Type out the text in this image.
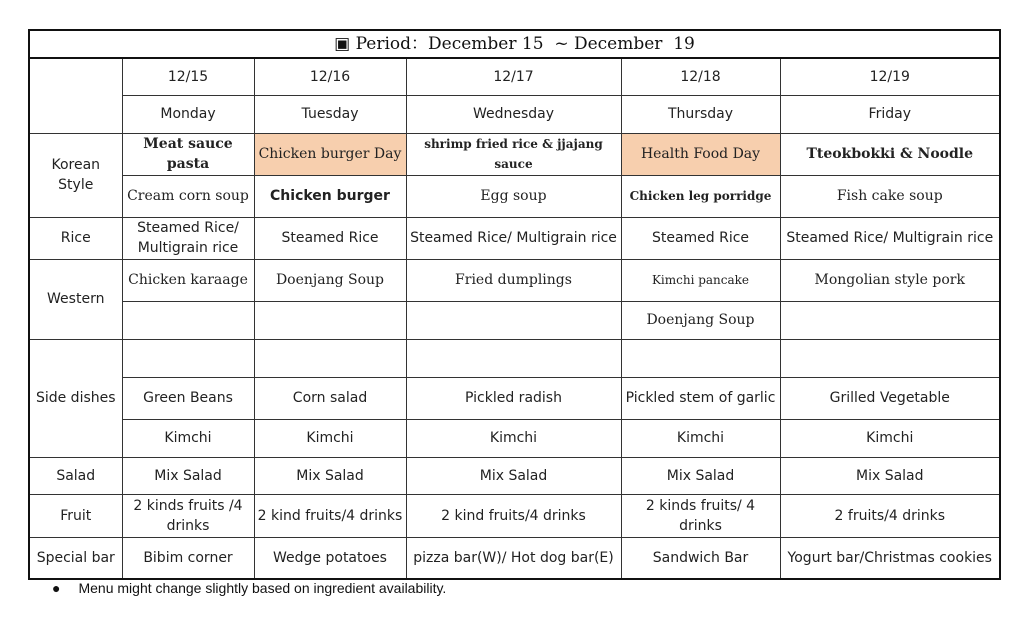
▣ Period：December 15  ~ December  19					
	12/15	12/16	12/17	12/18	12/19
	Monday	Tuesday	Wednesday	Thursday	Friday
Korean Style	Meat sauce pasta	Chicken burger Day	shrimp fried rice & jjajang sauce	Health Food Day	Tteokbokki & Noodle
	Cream corn soup	Chicken burger	Egg soup	Chicken leg porridge	Fish cake soup
Rice	Steamed Rice/ Multigrain rice	Steamed Rice	Steamed Rice/ Multigrain rice	Steamed Rice	Steamed Rice/ Multigrain rice
Western	Chicken karaage	Doenjang Soup	Fried dumplings	Kimchi pancake	Mongolian style pork
				Doenjang Soup	
Side dishes					
	Green Beans	Corn salad	Pickled radish	Pickled stem of garlic	Grilled Vegetable
	Kimchi	Kimchi	Kimchi	Kimchi	Kimchi
Salad	Mix Salad	Mix Salad	Mix Salad	Mix Salad	Mix Salad
Fruit	2 kinds fruits /4 drinks	2 kind fruits/4 drinks	2 kind fruits/4 drinks	2 kinds fruits/ 4 drinks	2 fruits/4 drinks
Special bar	Bibim corner	Wedge potatoes	pizza bar(W)/ Hot dog bar(E)	Sandwich Bar	Yogurt bar/Christmas cookies
● Menu might change slightly based on ingredient availability.
